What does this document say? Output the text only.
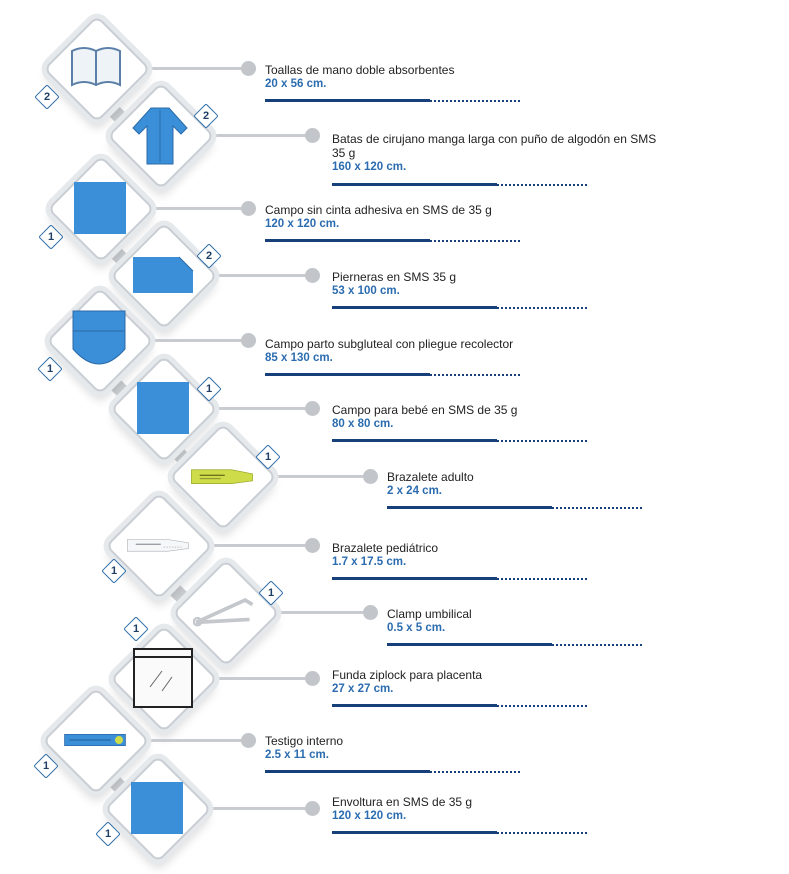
2
Toallas de mano doble absorbentes
20 x 56 cm.
2
Batas de cirujano manga larga con puño de algodón en SMS 35 g
160 x 120 cm.
1
Campo sin cinta adhesiva en SMS de 35 g
120 x 120 cm.
2
Pierneras en SMS 35 g
53 x 100 cm.
1
Campo parto subgluteal con pliegue recolector
85 x 130 cm.
1
Campo para bebé en SMS de 35 g
80 x 80 cm.
1
Brazalete adulto
2 x 24 cm.
1
Brazalete pediátrico
1.7 x 17.5 cm.
1
Clamp umbilical
0.5 x 5 cm.
1
Funda ziplock para placenta
27 x 27 cm.
1
Testigo interno
2.5 x 11 cm.
1
Envoltura en SMS de 35 g
120 x 120 cm.
